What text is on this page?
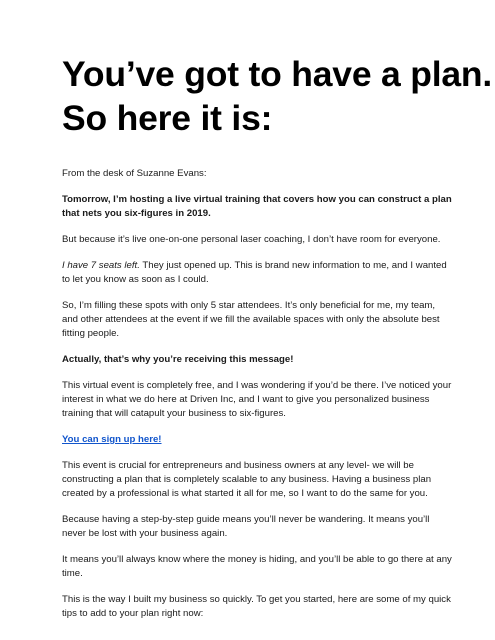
You’ve got to have a plan.
So here it is:

From the desk of Suzanne Evans:

Tomorrow, I’m hosting a live virtual training that covers how you can construct a plan that nets you six-figures in 2019.

But because it’s live one-on-one personal laser coaching, I don’t have room for everyone.

I have 7 seats left. They just opened up. This is brand new information to me, and I wanted to let you know as soon as I could.

So, I’m filling these spots with only 5 star attendees. It’s only beneficial for me, my team, and other attendees at the event if we fill the available spaces with only the absolute best fitting people.

Actually, that’s why you’re receiving this message!

This virtual event is completely free, and I was wondering if you’d be there. I’ve noticed your interest in what we do here at Driven Inc, and I want to give you personalized business training that will catapult your business to six-figures.

You can sign up here!

This event is crucial for entrepreneurs and business owners at any level- we will be constructing a plan that is completely scalable to any business. Having a business plan created by a professional is what started it all for me, so I want to do the same for you.

Because having a step-by-step guide means you’ll never be wandering. It means you’ll never be lost with your business again.

It means you’ll always know where the money is hiding, and you’ll be able to go there at any time.

This is the way I built my business so quickly. To get you started, here are some of my quick tips to add to your plan right now:
